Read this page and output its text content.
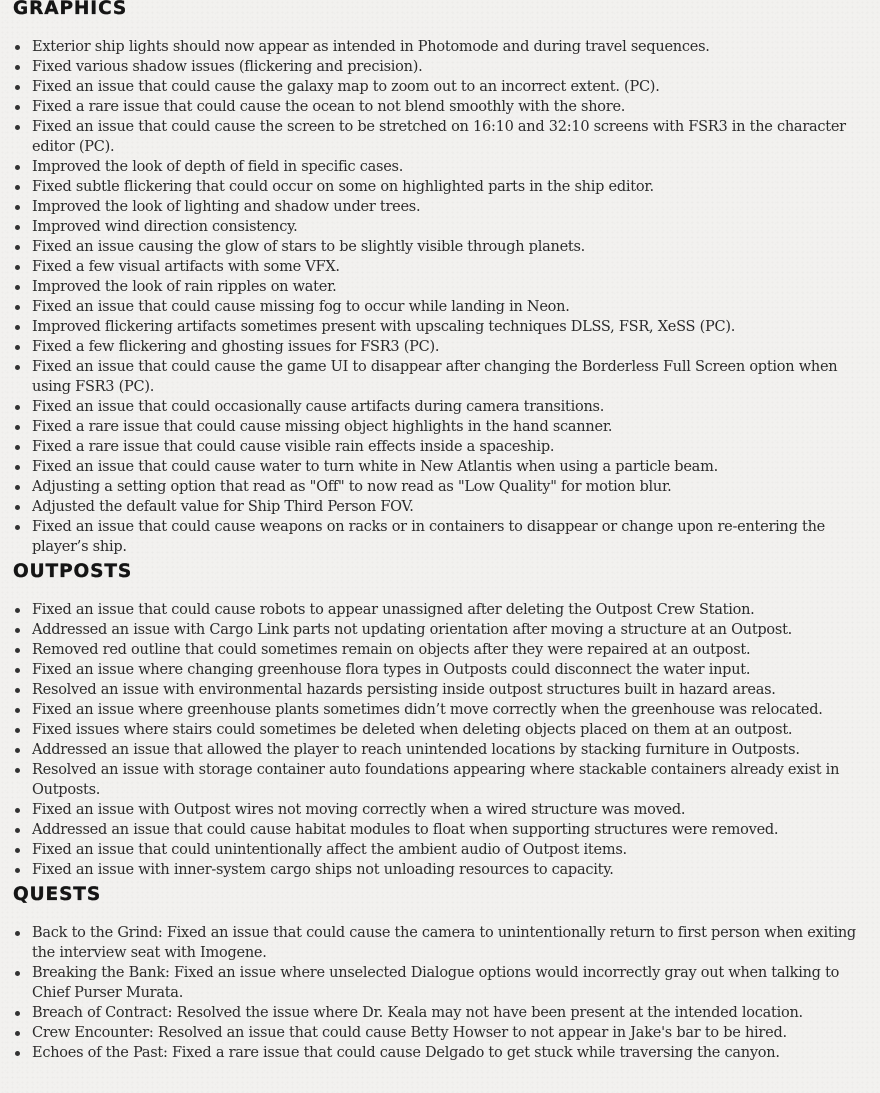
GRAPHICS
Exterior ship lights should now appear as intended in Photomode and during travel sequences.
Fixed various shadow issues (flickering and precision).
Fixed an issue that could cause the galaxy map to zoom out to an incorrect extent. (PC).
Fixed a rare issue that could cause the ocean to not blend smoothly with the shore.
Fixed an issue that could cause the screen to be stretched on 16:10 and 32:10 screens with FSR3 in the character editor (PC).
Improved the look of depth of field in specific cases.
Fixed subtle flickering that could occur on some on highlighted parts in the ship editor.
Improved the look of lighting and shadow under trees.
Improved wind direction consistency.
Fixed an issue causing the glow of stars to be slightly visible through planets.
Fixed a few visual artifacts with some VFX.
Improved the look of rain ripples on water.
Fixed an issue that could cause missing fog to occur while landing in Neon.
Improved flickering artifacts sometimes present with upscaling techniques DLSS, FSR, XeSS (PC).
Fixed a few flickering and ghosting issues for FSR3 (PC).
Fixed an issue that could cause the game UI to disappear after changing the Borderless Full Screen option when using FSR3 (PC).
Fixed an issue that could occasionally cause artifacts during camera transitions.
Fixed a rare issue that could cause missing object highlights in the hand scanner.
Fixed a rare issue that could cause visible rain effects inside a spaceship.
Fixed an issue that could cause water to turn white in New Atlantis when using a particle beam.
Adjusting a setting option that read as "Off" to now read as "Low Quality" for motion blur.
Adjusted the default value for Ship Third Person FOV.
Fixed an issue that could cause weapons on racks or in containers to disappear or change upon re-entering the player’s ship.
OUTPOSTS
Fixed an issue that could cause robots to appear unassigned after deleting the Outpost Crew Station.
Addressed an issue with Cargo Link parts not updating orientation after moving a structure at an Outpost.
Removed red outline that could sometimes remain on objects after they were repaired at an outpost.
Fixed an issue where changing greenhouse flora types in Outposts could disconnect the water input.
Resolved an issue with environmental hazards persisting inside outpost structures built in hazard areas.
Fixed an issue where greenhouse plants sometimes didn’t move correctly when the greenhouse was relocated.
Fixed issues where stairs could sometimes be deleted when deleting objects placed on them at an outpost.
Addressed an issue that allowed the player to reach unintended locations by stacking furniture in Outposts.
Resolved an issue with storage container auto foundations appearing where stackable containers already exist in Outposts.
Fixed an issue with Outpost wires not moving correctly when a wired structure was moved.
Addressed an issue that could cause habitat modules to float when supporting structures were removed.
Fixed an issue that could unintentionally affect the ambient audio of Outpost items.
Fixed an issue with inner-system cargo ships not unloading resources to capacity.
QUESTS
Back to the Grind: Fixed an issue that could cause the camera to unintentionally return to first person when exiting the interview seat with Imogene.
Breaking the Bank: Fixed an issue where unselected Dialogue options would incorrectly gray out when talking to Chief Purser Murata.
Breach of Contract: Resolved the issue where Dr. Keala may not have been present at the intended location.
Crew Encounter: Resolved an issue that could cause Betty Howser to not appear in Jake's bar to be hired.
Echoes of the Past: Fixed a rare issue that could cause Delgado to get stuck while traversing the canyon.
